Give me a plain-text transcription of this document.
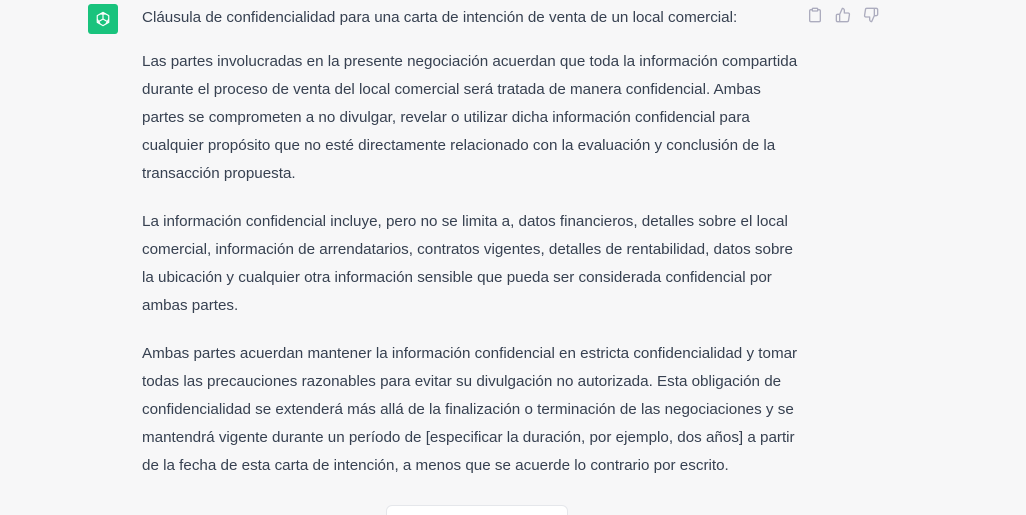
Cláusula de confidencialidad para una carta de intención de venta de un local comercial:

Las partes involucradas en la presente negociación acuerdan que toda la información compartida durante el proceso de venta del local comercial será tratada de manera confidencial. Ambas partes se comprometen a no divulgar, revelar o utilizar dicha información confidencial para cualquier propósito que no esté directamente relacionado con la evaluación y conclusión de la transacción propuesta.

La información confidencial incluye, pero no se limita a, datos financieros, detalles sobre el local comercial, información de arrendatarios, contratos vigentes, detalles de rentabilidad, datos sobre la ubicación y cualquier otra información sensible que pueda ser considerada confidencial por ambas partes.

Ambas partes acuerdan mantener la información confidencial en estricta confidencialidad y tomar todas las precauciones razonables para evitar su divulgación no autorizada. Esta obligación de confidencialidad se extenderá más allá de la finalización o terminación de las negociaciones y se mantendrá vigente durante un período de [especificar la duración, por ejemplo, dos años] a partir de la fecha de esta carta de intención, a menos que se acuerde lo contrario por escrito.
